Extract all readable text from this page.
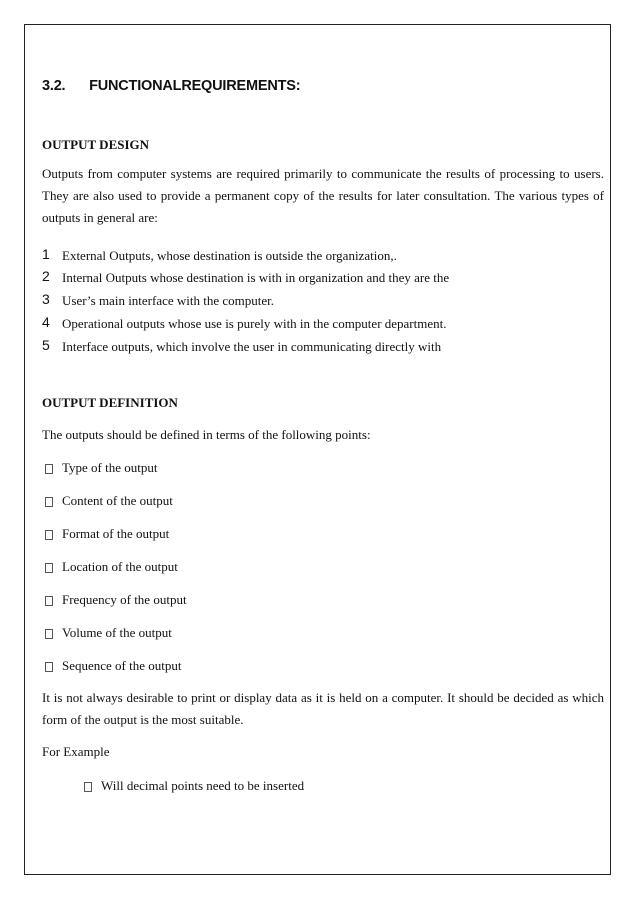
3.2. FUNCTIONALREQUIREMENTS:
OUTPUT DESIGN
Outputs from computer systems are required primarily to communicate the results of processing to users. They are also used to provide a permanent copy of the results for later consultation. The various types of outputs in general are:
1 External Outputs, whose destination is outside the organization,.
2 Internal Outputs whose destination is with in organization and they are the
3 User’s main interface with the computer.
4 Operational outputs whose use is purely with in the computer department.
5 Interface outputs, which involve the user in communicating directly with
OUTPUT DEFINITION
The outputs should be defined in terms of the following points:
Type of the output
Content of the output
Format of the output
Location of the output
Frequency of the output
Volume of the output
Sequence of the output
It is not always desirable to print or display data as it is held on a computer. It should be decided as which form of the output is the most suitable.
For Example
Will decimal points need to be inserted
